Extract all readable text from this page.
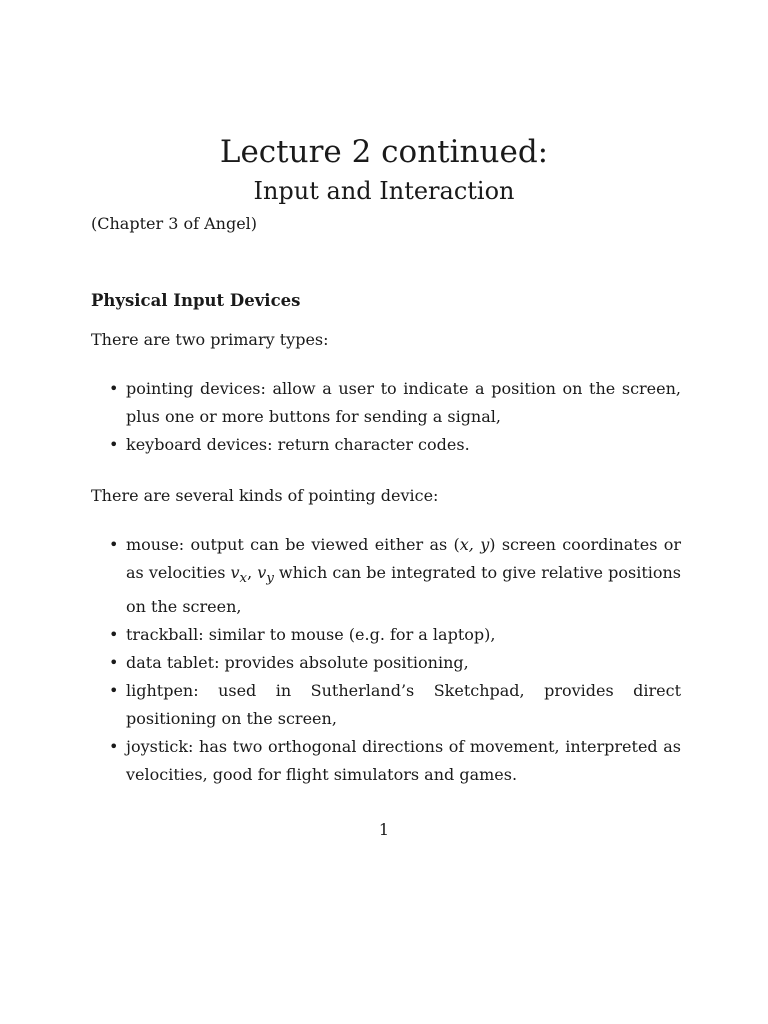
Lecture 2 continued:
Input and Interaction
(Chapter 3 of Angel)
Physical Input Devices
There are two primary types:
• pointing devices: allow a user to indicate a position on the screen, plus one or more buttons for sending a signal,
• keyboard devices: return character codes.
There are several kinds of pointing device:
• mouse: output can be viewed either as (x, y) screen coordinates or as velocities $v_x$, $v_y$ which can be integrated to give relative positions on the screen,
• trackball: similar to mouse (e.g. for a laptop),
• data tablet: provides absolute positioning,
• lightpen: used in Sutherland’s Sketchpad, provides direct positioning on the screen,
• joystick: has two orthogonal directions of movement, interpreted as velocities, good for flight simulators and games.
1
